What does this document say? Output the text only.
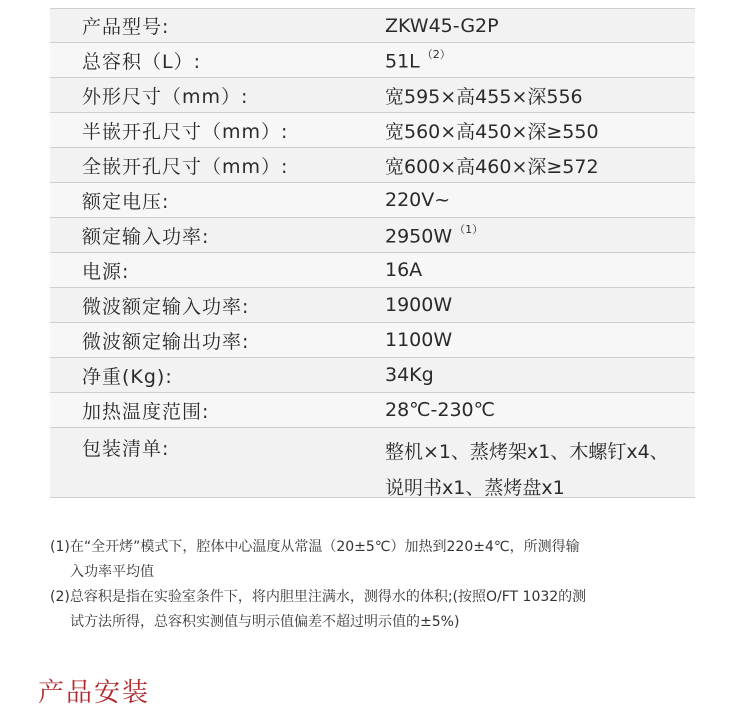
产品型号:	ZKW45-G2P
总容积（L）:	51L $^{(2)}$
外形尺寸（mm）:	宽595×高455×深556
半嵌开孔尺寸（mm）:	宽560×高450×深≥550
全嵌开孔尺寸（mm）:	宽600×高460×深≥572
额定电压:	220V~
额定输入功率:	2950W $^{(1)}$
电源:	16A
微波额定输入功率:	1900W
微波额定输出功率:	1100W
净重(Kg):	34Kg
加热温度范围:	28℃-230℃
包装清单:	整机×1、蒸烤架x1、木螺钉x4、
说明书x1、蒸烤盘x1
(1)在“全开烤”模式下，腔体中心温度从常温（20±5℃）加热到220±4℃，所测得输
入功率平均值
(2)总容积是指在实验室条件下，将内胆里注满水，测得水的体积;(按照O/FT 1032的测
试方法所得，总容积实测值与明示值偏差不超过明示值的±5%)
产品安装
